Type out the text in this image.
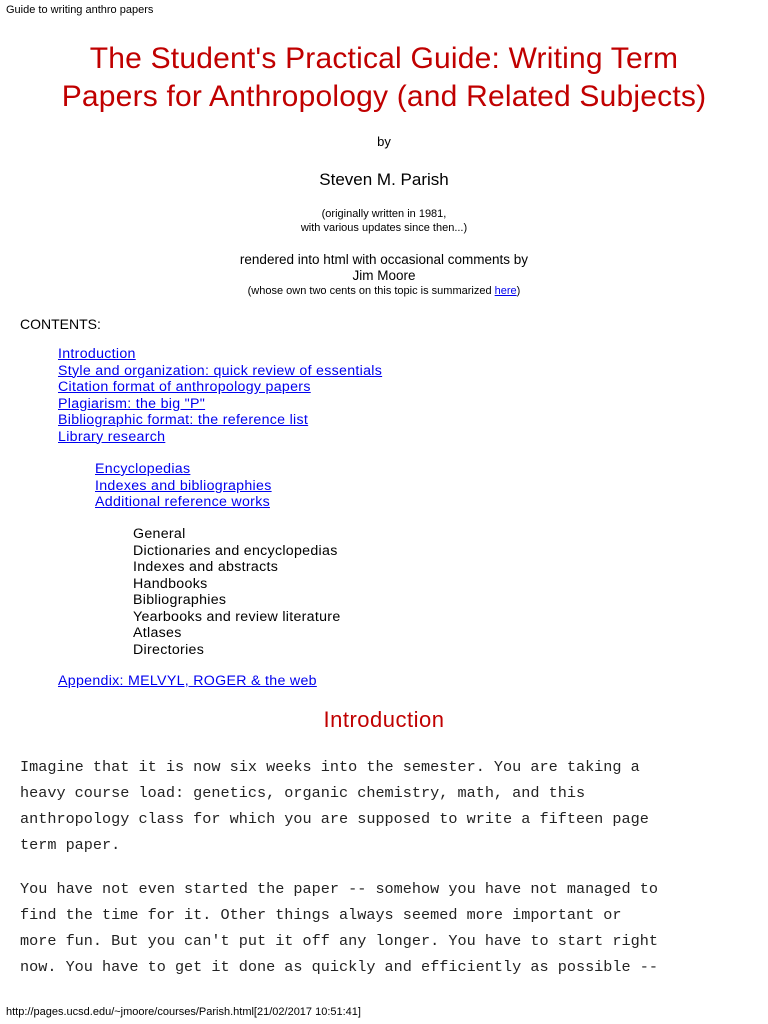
Guide to writing anthro papers
The Student's Practical Guide: Writing Term
Papers for Anthropology (and Related Subjects)
by
Steven M. Parish
(originally written in 1981,
with various updates since then...)
rendered into html with occasional comments by
Jim Moore
(whose own two cents on this topic is summarized here)
CONTENTS:
Introduction
Style and organization: quick review of essentials
Citation format of anthropology papers
Plagiarism: the big "P"
Bibliographic format: the reference list
Library research
Encyclopedias
Indexes and bibliographies
Additional reference works
General
Dictionaries and encyclopedias
Indexes and abstracts
Handbooks
Bibliographies
Yearbooks and review literature
Atlases
Directories
Appendix: MELVYL, ROGER & the web
Introduction

Imagine that it is now six weeks into the semester. You are taking a
heavy course load: genetics, organic chemistry, math, and this
anthropology class for which you are supposed to write a fifteen page
term paper.

You have not even started the paper -- somehow you have not managed to
find the time for it. Other things always seemed more important or
more fun. But you can't put it off any longer. You have to start right
now. You have to get it done as quickly and efficiently as possible --

http://pages.ucsd.edu/~jmoore/courses/Parish.html[21/02/2017 10:51:41]
